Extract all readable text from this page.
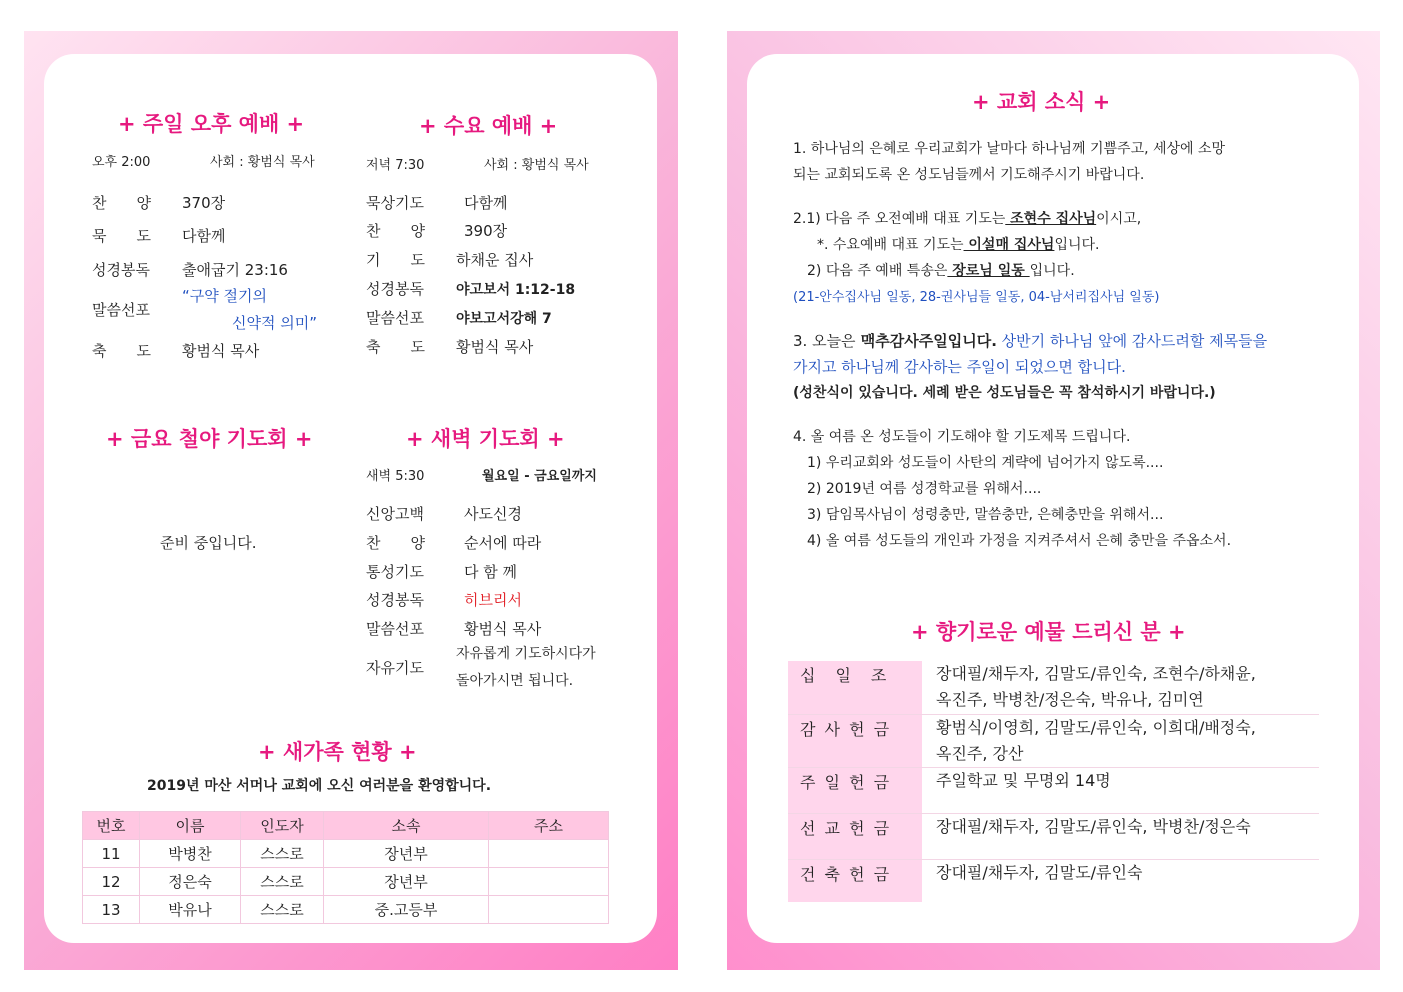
+ 주일 오후 예배 +
오후 2:00	사회 : 황범식 목사
찬　　양 370장
묵　　도 다함께
성경봉독 출애굽기 23:16
말씀선포
“구약 절기의
신약적 의미”
축　　도 황범식 목사
+ 수요 예배 +
저녁 7:30	사회 : 황범식 목사
묵상기도	다함께
찬　　양	390장
기　　도 하채운 집사
성경봉독 야고보서 1:12-18
말씀선포 야보고서강해 7
축　　도 황범식 목사
+ 금요 철야 기도회 +
준비 중입니다.
+ 새벽 기도회 +
새벽 5:30	월요일 - 금요일까지
신앙고백	사도신경
찬　　양	순서에 따라
통성기도	다 함 께
성경봉독	히브리서
말씀선포	황범식 목사
자유기도
자유롭게 기도하시다가
돌아가시면 됩니다.
+ 새가족 현황 +
2019년 마산 서머나 교회에 오신 여러분을 환영합니다.
번호	이름	인도자	소속	주소
11	박병찬	스스로	장년부	
12	정은숙	스스로	장년부	
13	박유나	스스로	중.고등부	
+ 교회 소식 +
1. 하나님의 은혜로 우리교회가 날마다 하나님께 기쁨주고, 세상에 소망
되는 교회되도록 온 성도님들께서 기도해주시기 바랍니다.
2.1) 다음 주 오전예배 대표 기도는 조현수 집사님이시고,
*. 수요예배 대표 기도는 이설매 집사님입니다.
2) 다음 주 예배 특송은 장로님 일동 입니다.
(21-안수집사님 일동, 28-권사님들 일동, 04-남서리집사님 일동)
3. 오늘은 맥추감사주일입니다. 상반기 하나님 앞에 감사드려할 제목들을
가지고 하나님께 감사하는 주일이 되었으면 합니다.
(성찬식이 있습니다. 세례 받은 성도님들은 꼭 참석하시기 바랍니다.)
4. 올 여름 온 성도들이 기도해야 할 기도제목 드립니다.
1) 우리교회와 성도들이 사탄의 계략에 넘어가지 않도록....
2) 2019년 여름 성경학교를 위해서....
3) 담임목사님이 성령충만, 말씀충만, 은혜충만을 위해서...
4) 올 여름 성도들의 개인과 가정을 지켜주셔서 은혜 충만을 주옵소서.
+ 향기로운 예물 드리신 분 +
십　일　조	장대필/채두자, 김말도/류인숙, 조현수/하채윤,
옥진주, 박병찬/정은숙, 박유나, 김미연
감 사 헌 금	황범식/이영희, 김말도/류인숙, 이희대/배정숙,
옥진주, 강산
주 일 헌 금	주일학교 및 무명외 14명
선 교 헌 금	장대필/채두자, 김말도/류인숙, 박병찬/정은숙
건 축 헌 금	장대필/채두자, 김말도/류인숙
